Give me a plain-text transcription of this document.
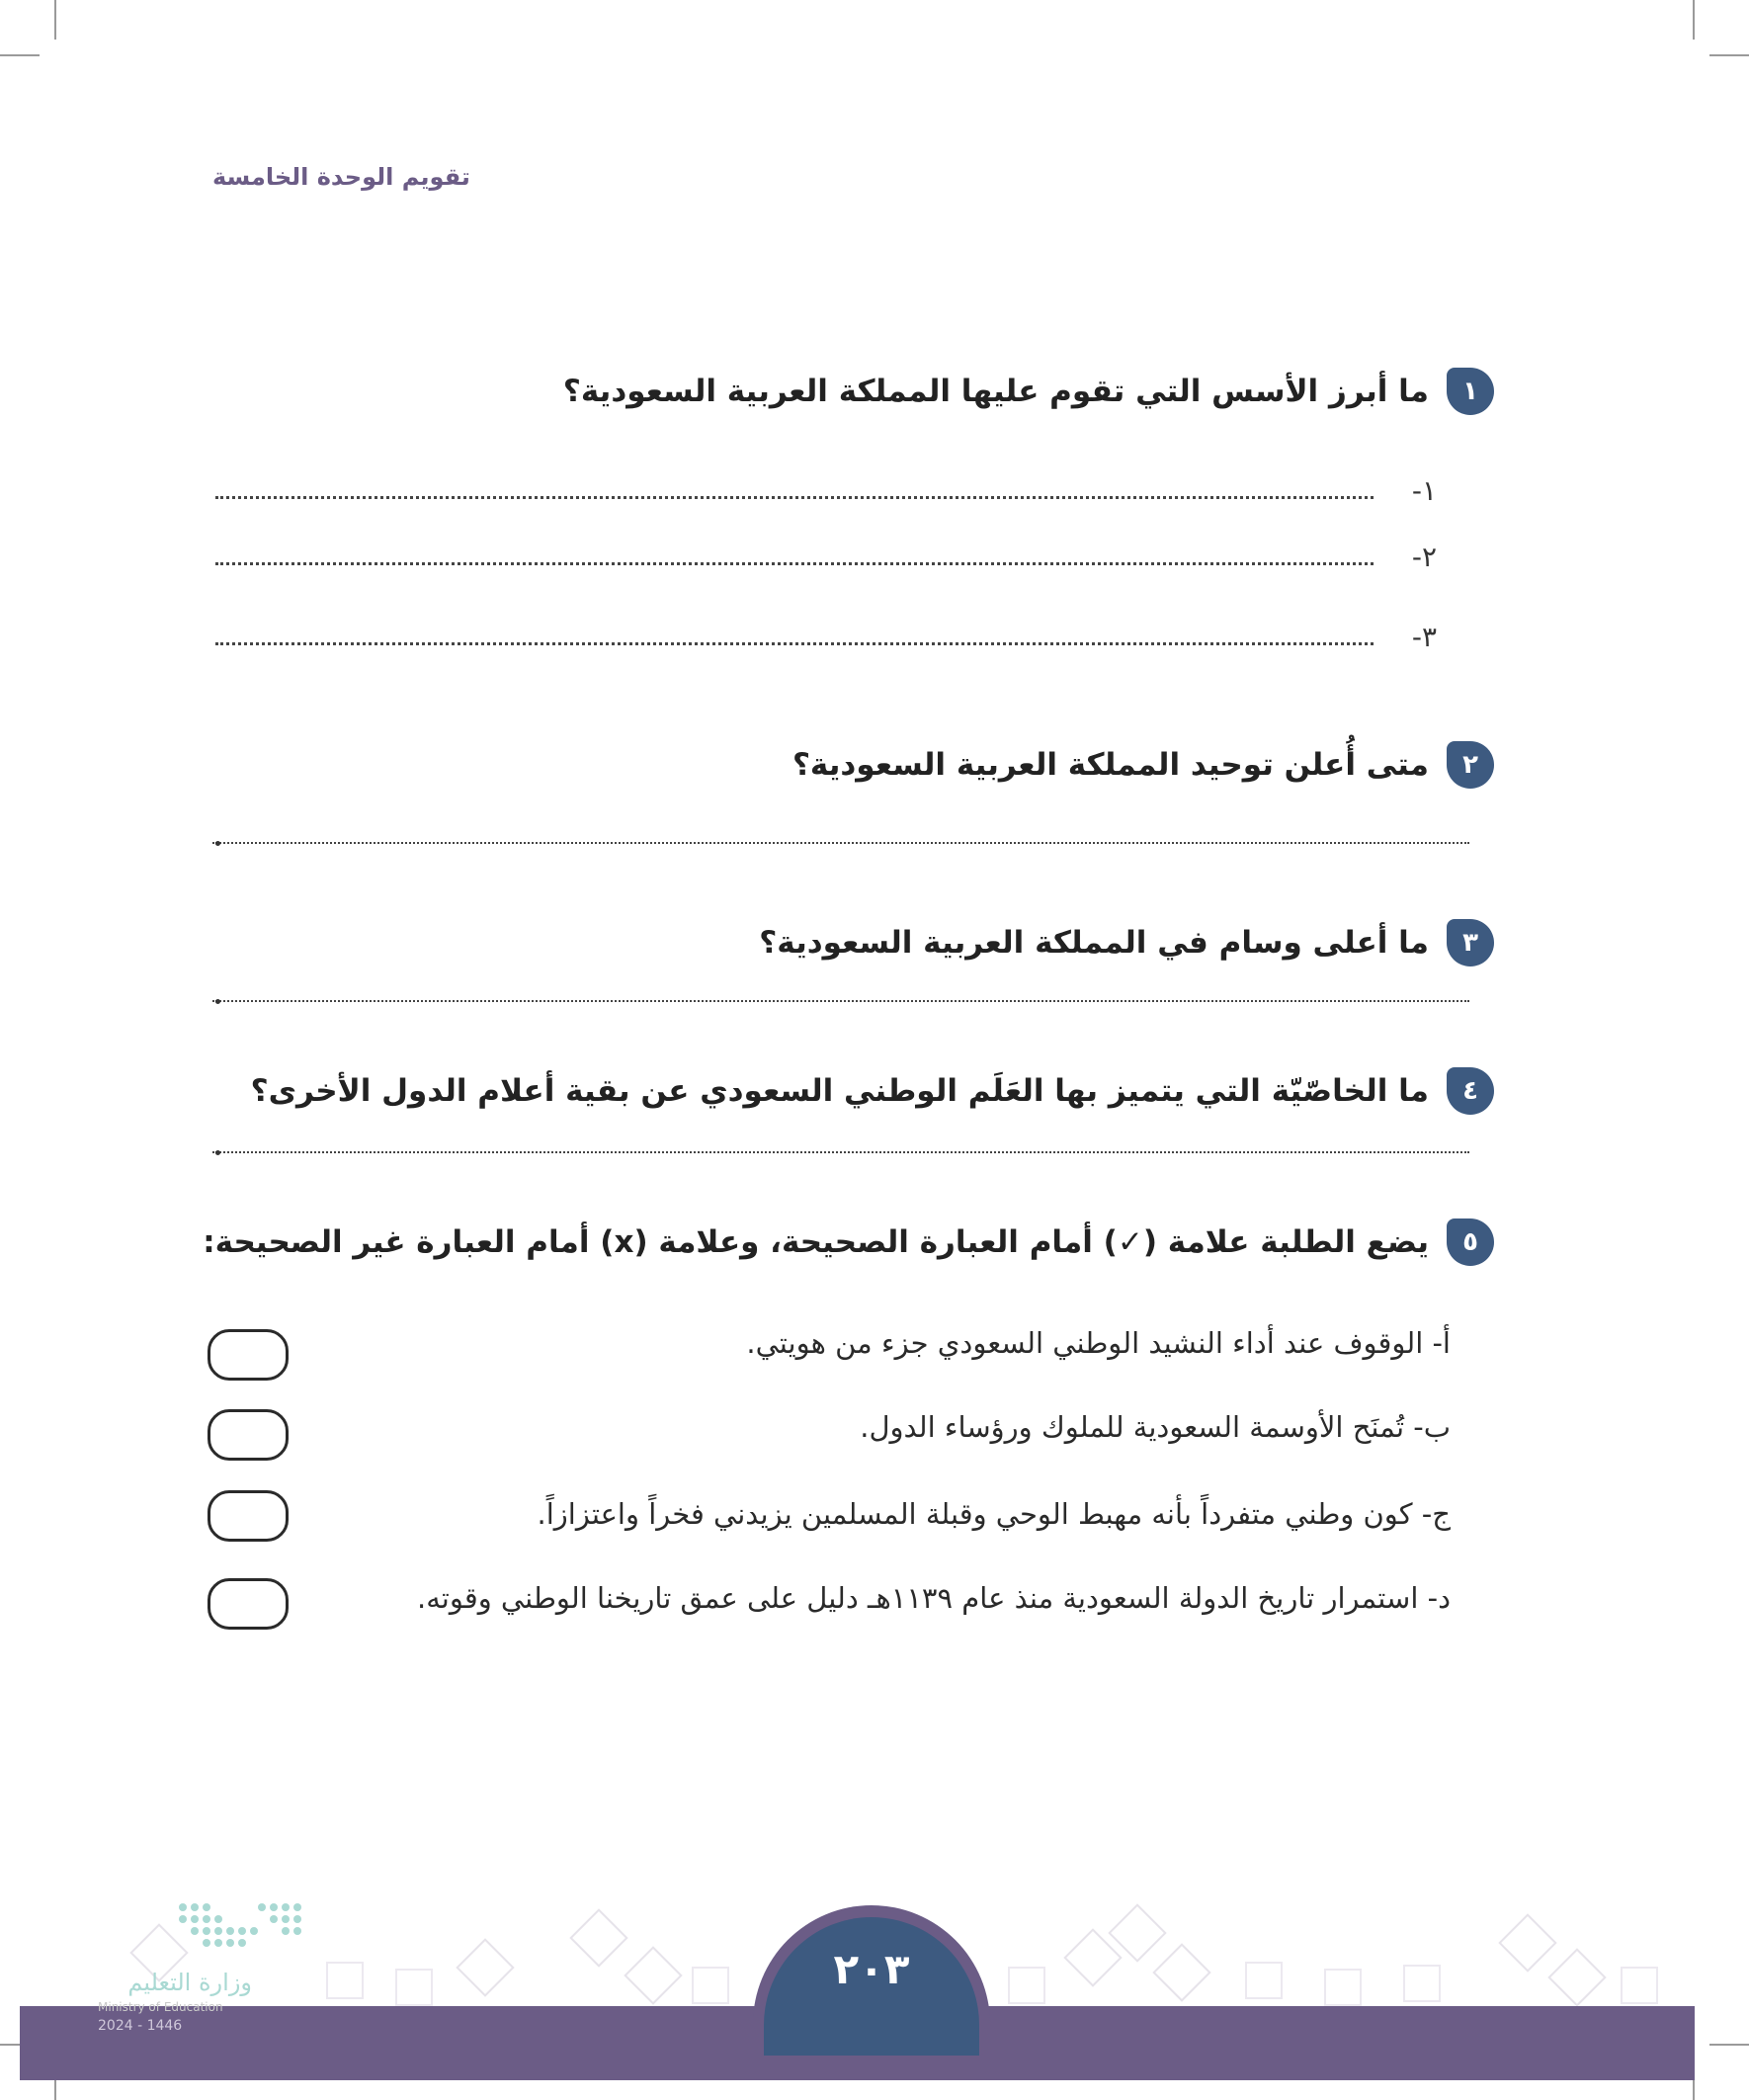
تقويم الوحدة الخامسة
١
ما أبرز الأسس التي تقوم عليها المملكة العربية السعودية؟
١-
٢-
٣-
٢
متى أُعلن توحيد المملكة العربية السعودية؟
٣
ما أعلى وسام في المملكة العربية السعودية؟
٤
ما الخاصّيّة التي يتميز بها العَلَم الوطني السعودي عن بقية أعلام الدول الأخرى؟
٥
يضع الطلبة علامة (✓) أمام العبارة الصحيحة، وعلامة (x) أمام العبارة غير الصحيحة:
أ- الوقوف عند أداء النشيد الوطني السعودي جزء من هويتي.
ب- تُمنَح الأوسمة السعودية للملوك ورؤساء الدول.
ج- كون وطني متفرداً بأنه مهبط الوحي وقبلة المسلمين يزيدني فخراً واعتزازاً.
د- استمرار تاريخ الدولة السعودية منذ عام ١١٣٩هـ دليل على عمق تاريخنا الوطني وقوته.
٢٠٣
وزارة التعليم
Ministry of Education
2024 - 1446
